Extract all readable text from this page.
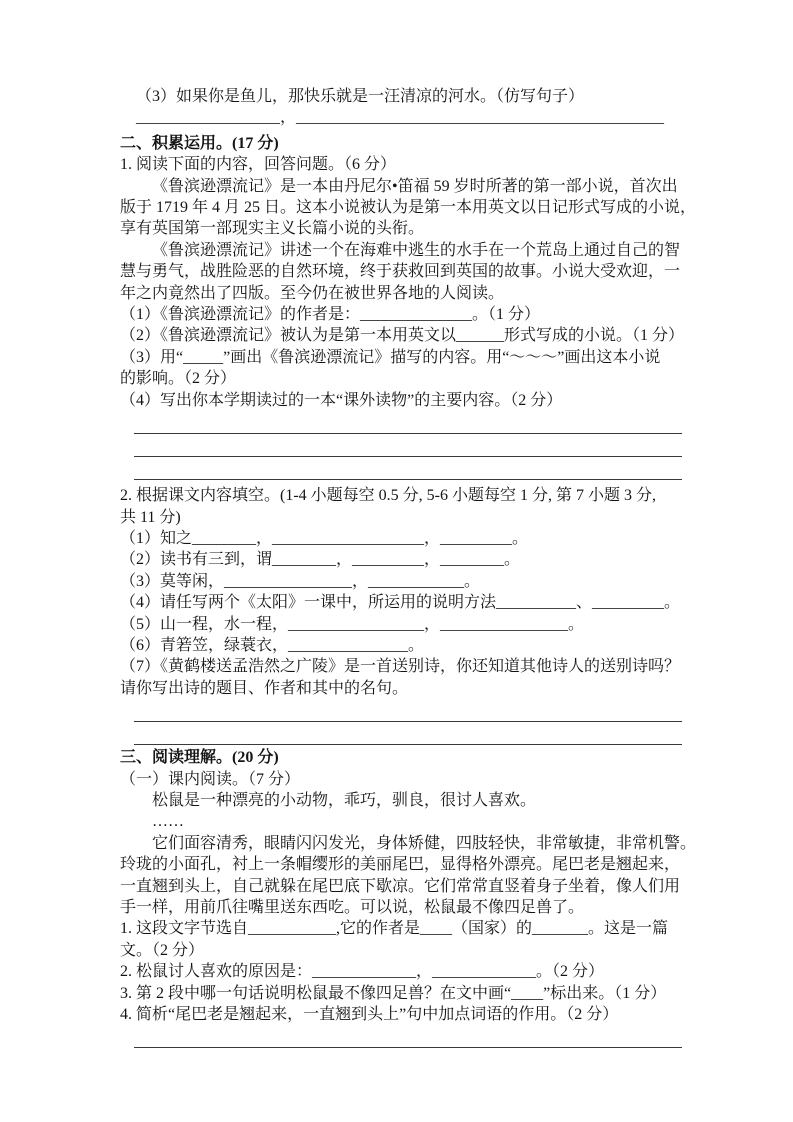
（3）如果你是鱼儿，那快乐就是一汪清凉的河水。（仿写句子）
__________________，______________________________________________
二、积累运用。(17 分)
1. 阅读下面的内容，回答问题。（6 分）
《鲁滨逊漂流记》是一本由丹尼尔•笛福 59 岁时所著的第一部小说，首次出
版于 1719 年 4 月 25 日。这本小说被认为是第一本用英文以日记形式写成的小说，
享有英国第一部现实主义长篇小说的头衔。
《鲁滨逊漂流记》讲述一个在海难中逃生的水手在一个荒岛上通过自己的智
慧与勇气，战胜险恶的自然环境，终于获救回到英国的故事。小说大受欢迎，一
年之内竟然出了四版。至今仍在被世界各地的人阅读。
（1）《鲁滨逊漂流记》的作者是：______________。（1 分）
（2）《鲁滨逊漂流记》被认为是第一本用英文以______形式写成的小说。（1 分）
（3）用“_____”画出《鲁滨逊漂流记》描写的内容。用“～～～”画出这本小说
的影响。（2 分）
（4）写出你本学期读过的一本“课外读物”的主要内容。（2 分）
2. 根据课文内容填空。(1-4 小题每空 0.5 分, 5-6 小题每空 1 分, 第 7 小题 3 分,
共 11 分)
（1）知之________，___________________，_________。
（2）读书有三到，谓________，_________，________。
（3）莫等闲，________________，____________。
（4）请任写两个《太阳》一课中，所运用的说明方法__________、_________。
（5）山一程，水一程，_________________，________________。
（6）青箬笠，绿蓑衣，_______________。
（7）《黄鹤楼送孟浩然之广陵》是一首送别诗，你还知道其他诗人的送别诗吗？
请你写出诗的题目、作者和其中的名句。
三、阅读理解。(20 分)
（一）课内阅读。（7 分）
松鼠是一种漂亮的小动物，乖巧，驯良，很讨人喜欢。
……
它们面容清秀，眼睛闪闪发光，身体矫健，四肢轻快，非常敏捷，非常机警。
玲珑的小面孔，衬上一条帽缨形的美丽尾巴，显得格外漂亮。尾巴老是翘起来，
一直翘到头上，自己就躲在尾巴底下歇凉。它们常常直竖着身子坐着，像人们用
手一样，用前爪往嘴里送东西吃。可以说，松鼠最不像四足兽了。
1. 这段文字节选自___________,它的作者是____（国家）的_______。这是一篇
文。（2 分）
2. 松鼠讨人喜欢的原因是：_____________，_____________。（2 分）
3. 第 2 段中哪一句话说明松鼠最不像四足兽？在文中画“____”标出来。（1 分）
4. 简析“尾巴老是翘起来，一直翘到头上”句中加点词语的作用。（2 分）
